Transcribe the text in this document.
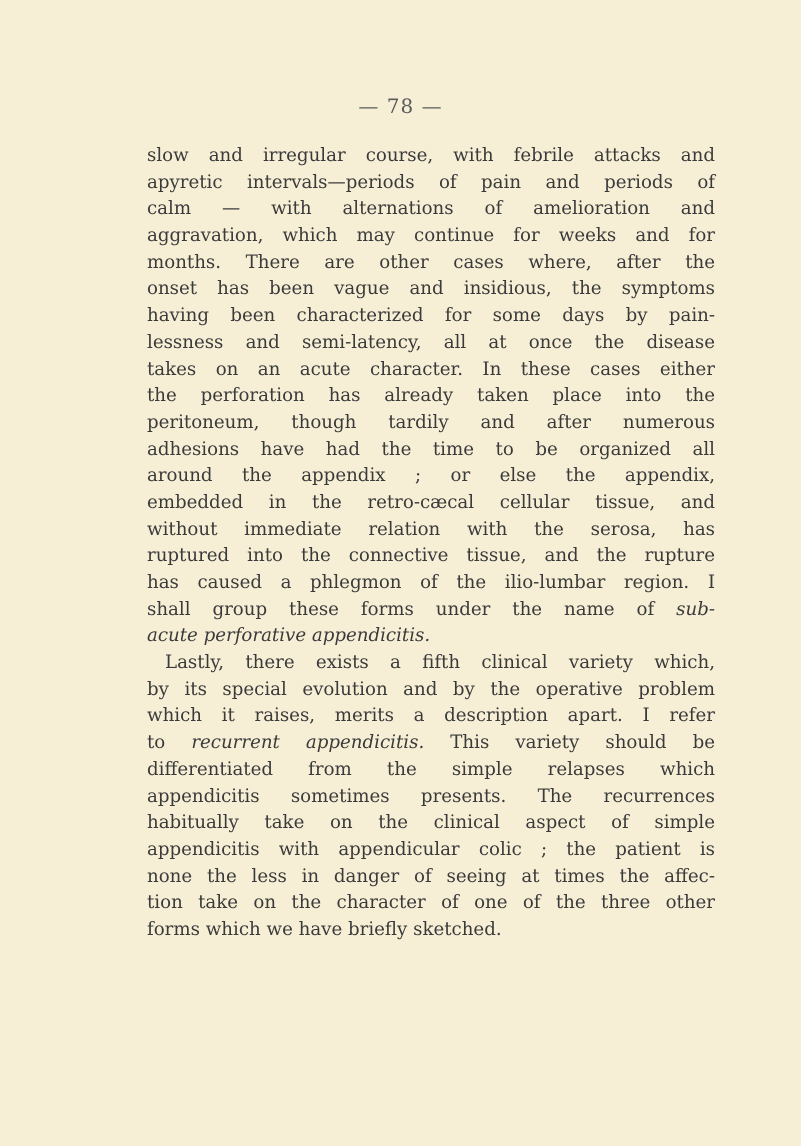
— 78 —
slow and irregular course, with febrile attacks and
apyretic intervals—periods of pain and periods of
calm — with alternations of amelioration and
aggravation, which may continue for weeks and for
months. There are other cases where, after the
onset has been vague and insidious, the symptoms
having been characterized for some days by pain-
lessness and semi-latency, all at once the disease
takes on an acute character. In these cases either
the perforation has already taken place into the
peritoneum, though tardily and after numerous
adhesions have had the time to be organized all
around the appendix ; or else the appendix,
embedded in the retro-cæcal cellular tissue, and
without immediate relation with the serosa, has
ruptured into the connective tissue, and the rupture
has caused a phlegmon of the ilio-lumbar region. I
shall group these forms under the name of sub-
acute perforative appendicitis.
Lastly, there exists a fifth clinical variety which,
by its special evolution and by the operative problem
which it raises, merits a description apart. I refer
to recurrent appendicitis. This variety should be
differentiated from the simple relapses which
appendicitis sometimes presents. The recurrences
habitually take on the clinical aspect of simple
appendicitis with appendicular colic ; the patient is
none the less in danger of seeing at times the affec-
tion take on the character of one of the three other
forms which we have briefly sketched.
